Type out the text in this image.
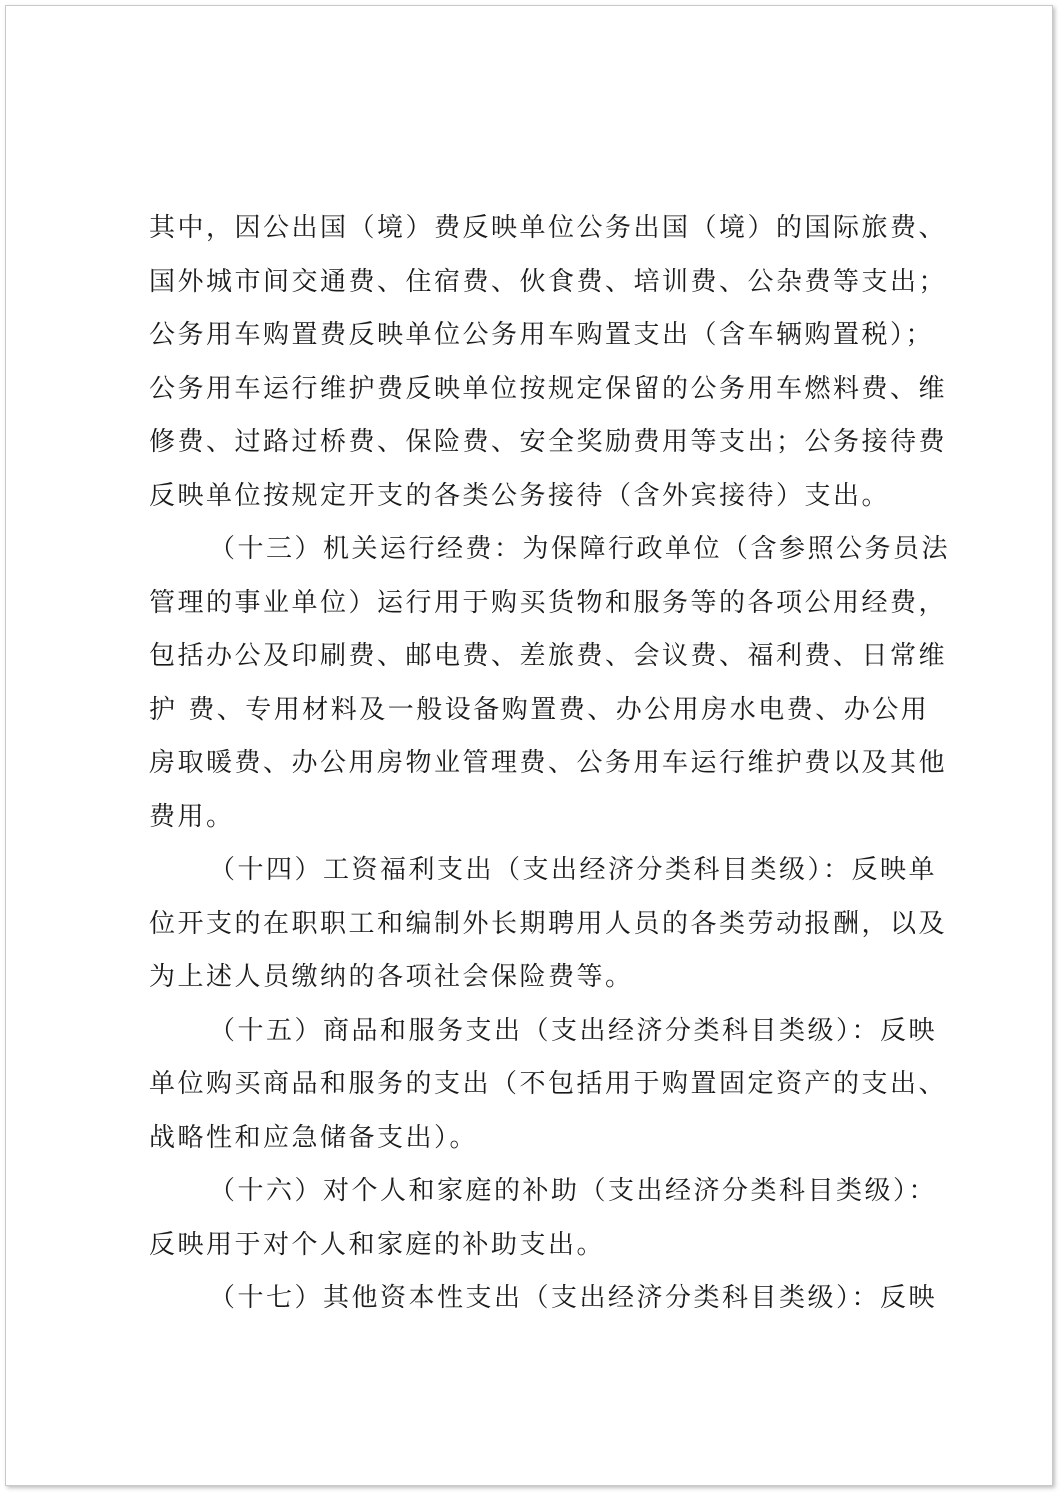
其中，因公出国（境）费反映单位公务出国（境）的国际旅费、
国外城市间交通费、住宿费、伙食费、培训费、公杂费等支出；
公务用车购置费反映单位公务用车购置支出（含车辆购置税）；
公务用车运行维护费反映单位按规定保留的公务用车燃料费、维
修费、过路过桥费、保险费、安全奖励费用等支出；公务接待费
反映单位按规定开支的各类公务接待（含外宾接待）支出。
（十三）机关运行经费：为保障行政单位（含参照公务员法
管理的事业单位）运行用于购买货物和服务等的各项公用经费，
包括办公及印刷费、邮电费、差旅费、会议费、福利费、日常维
护 费、专用材料及一般设备购置费、办公用房水电费、办公用
房取暖费、办公用房物业管理费、公务用车运行维护费以及其他
费用。
（十四）工资福利支出（支出经济分类科目类级）：反映单
位开支的在职职工和编制外长期聘用人员的各类劳动报酬，以及
为上述人员缴纳的各项社会保险费等。
（十五）商品和服务支出（支出经济分类科目类级）：反映
单位购买商品和服务的支出（不包括用于购置固定资产的支出、
战略性和应急储备支出）。
（十六）对个人和家庭的补助（支出经济分类科目类级）：
反映用于对个人和家庭的补助支出。
（十七）其他资本性支出（支出经济分类科目类级）：反映
